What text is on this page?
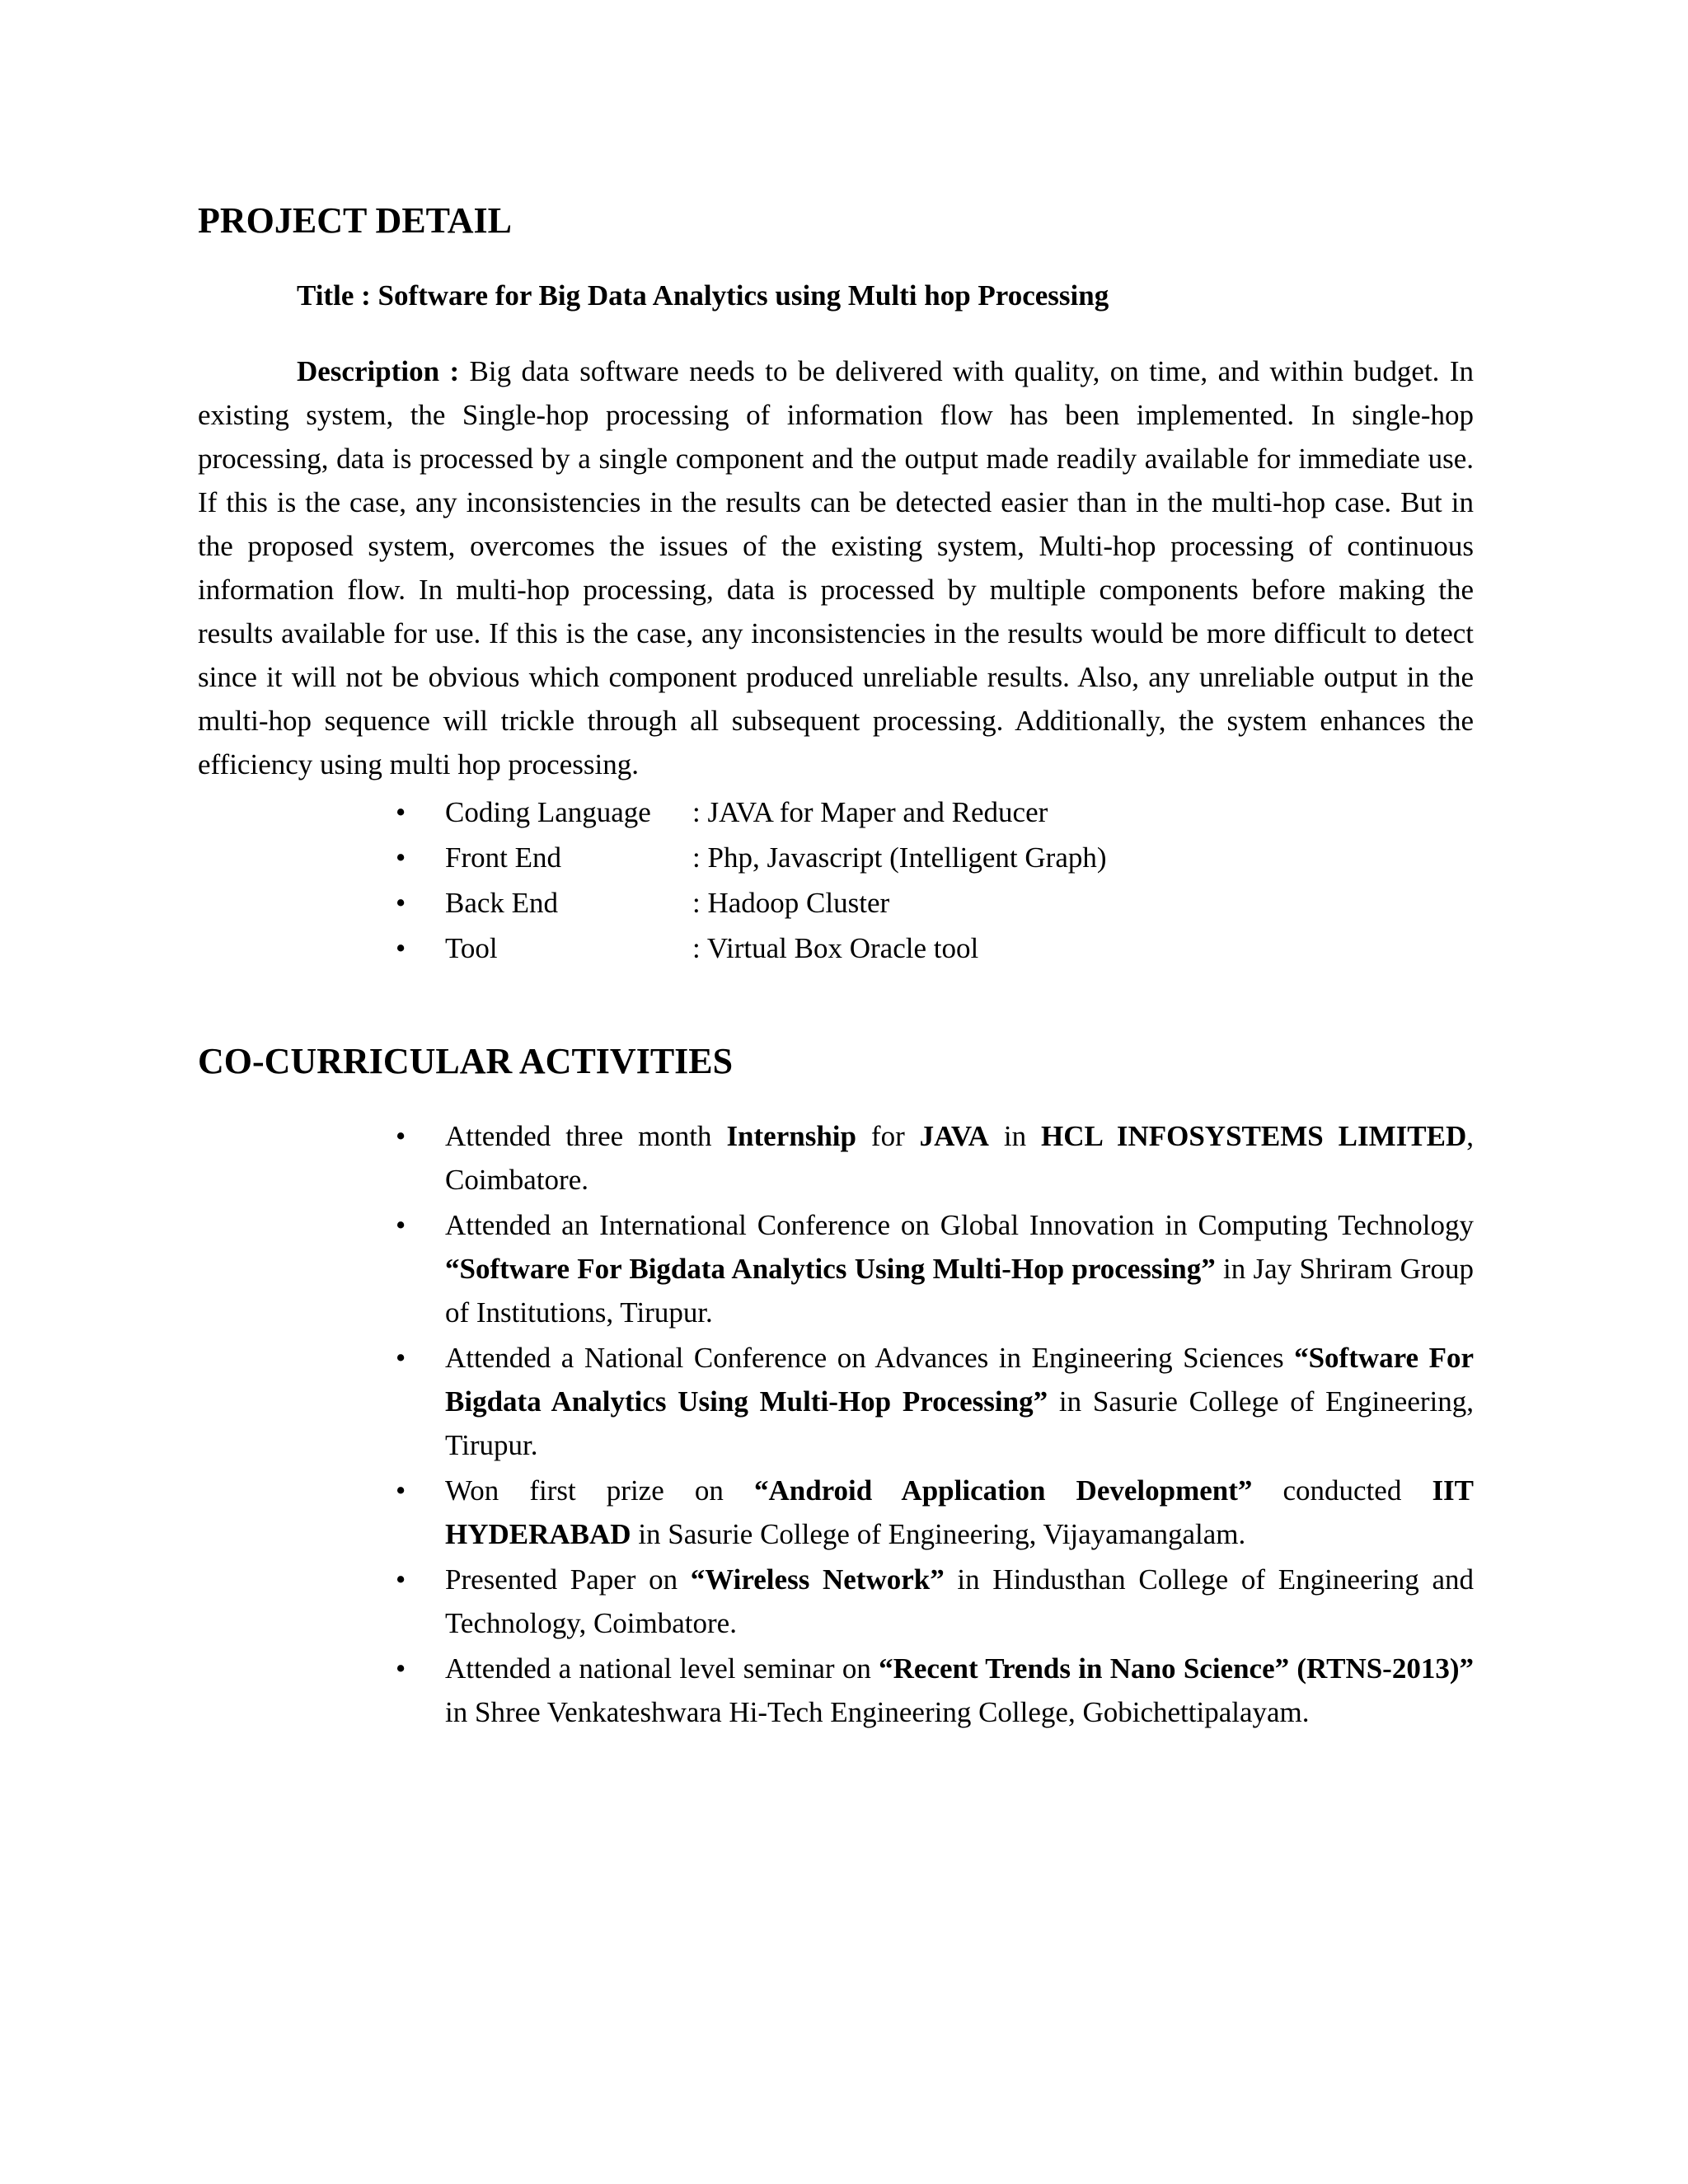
PROJECT DETAIL
Title : Software for Big Data Analytics using Multi hop Processing

Description : Big data software needs to be delivered with quality, on time, and within budget. In existing system, the Single-hop processing of information flow has been implemented. In single-hop processing, data is processed by a single component and the output made readily available for immediate use. If this is the case, any inconsistencies in the results can be detected easier than in the multi-hop case. But in the proposed system, overcomes the issues of the existing system, Multi-hop processing of continuous information flow. In multi-hop processing, data is processed by multiple components before making the results available for use. If this is the case, any inconsistencies in the results would be more difficult to detect since it will not be obvious which component produced unreliable results. Also, any unreliable output in the multi-hop sequence will trickle through all subsequent processing. Additionally, the system enhances the efficiency using multi hop processing.

• Coding Language	: JAVA for Maper and Reducer
• Front End	: Php, Javascript (Intelligent Graph)
• Back End	: Hadoop Cluster
• Tool	: Virtual Box Oracle tool
CO-CURRICULAR ACTIVITIES
• Attended three month Internship for JAVA in HCL INFOSYSTEMS LIMITED, Coimbatore.
• Attended an International Conference on Global Innovation in Computing Technology “Software For Bigdata Analytics Using Multi-Hop processing” in Jay Shriram Group of Institutions, Tirupur.
• Attended a National Conference on Advances in Engineering Sciences “Software For Bigdata Analytics Using Multi-Hop Processing” in Sasurie College of Engineering, Tirupur.
• Won first prize on “Android Application Development” conducted IIT HYDERABAD in Sasurie College of Engineering, Vijayamangalam.
• Presented Paper on “Wireless Network” in Hindusthan College of Engineering and Technology, Coimbatore.
• Attended a national level seminar on “Recent Trends in Nano Science” (RTNS-2013)” in Shree Venkateshwara Hi-Tech Engineering College, Gobichettipalayam.
